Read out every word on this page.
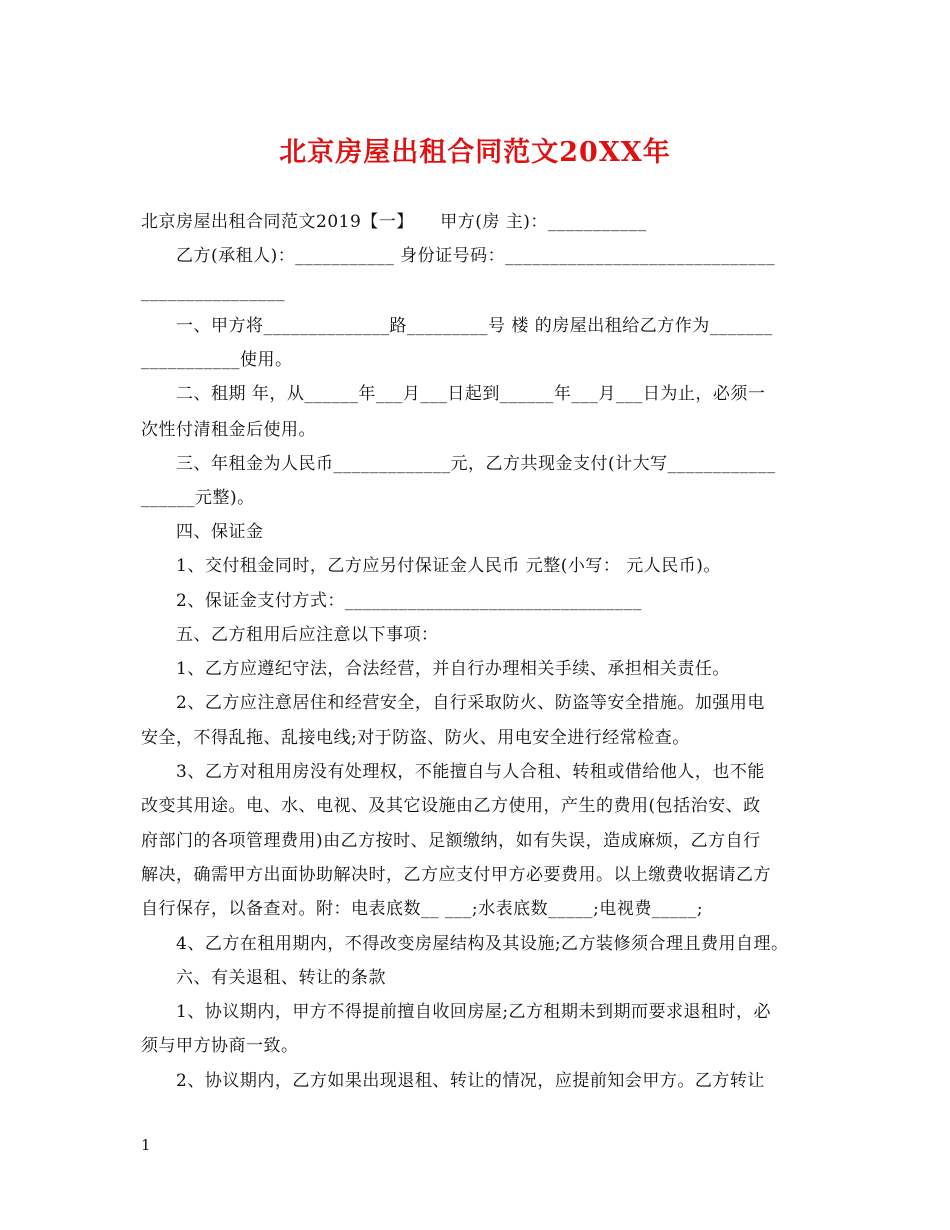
北京房屋出租合同范文20XX年
北京房屋出租合同范文2019【一】　　甲方(房 主)：___________
　　乙方(承租人)：___________ 身份证号码：______________________________
________________
　　一、甲方将______________路_________号 楼 的房屋出租给乙方作为_______
___________使用。
　　二、租期 年，从______年___月___日起到______年___月___日为止，必须一
次性付清租金后使用。
　　三、年租金为人民币_____________元，乙方共现金支付(计大写____________
______元整)。
　　四、保证金
　　1、交付租金同时，乙方应另付保证金人民币 元整(小写： 元人民币)。
　　2、保证金支付方式：_________________________________
　　五、乙方租用后应注意以下事项：
　　1、乙方应遵纪守法，合法经营，并自行办理相关手续、承担相关责任。
　　2、乙方应注意居住和经营安全，自行采取防火、防盗等安全措施。加强用电
安全，不得乱拖、乱接电线;对于防盗、防火、用电安全进行经常检查。
　　3、乙方对租用房没有处理权，不能擅自与人合租、转租或借给他人，也不能
改变其用途。电、水、电视、及其它设施由乙方使用，产生的费用(包括治安、政
府部门的各项管理费用)由乙方按时、足额缴纳，如有失误，造成麻烦，乙方自行
解决，确需甲方出面协助解决时，乙方应支付甲方必要费用。以上缴费收据请乙方
自行保存，以备查对。附：电表底数__ ___;水表底数_____;电视费_____;
　　4、乙方在租用期内，不得改变房屋结构及其设施;乙方装修须合理且费用自理。
　　六、有关退租、转让的条款
　　1、协议期内，甲方不得提前擅自收回房屋;乙方租期未到期而要求退租时，必
须与甲方协商一致。
　　2、协议期内，乙方如果出现退租、转让的情况，应提前知会甲方。乙方转让
1
